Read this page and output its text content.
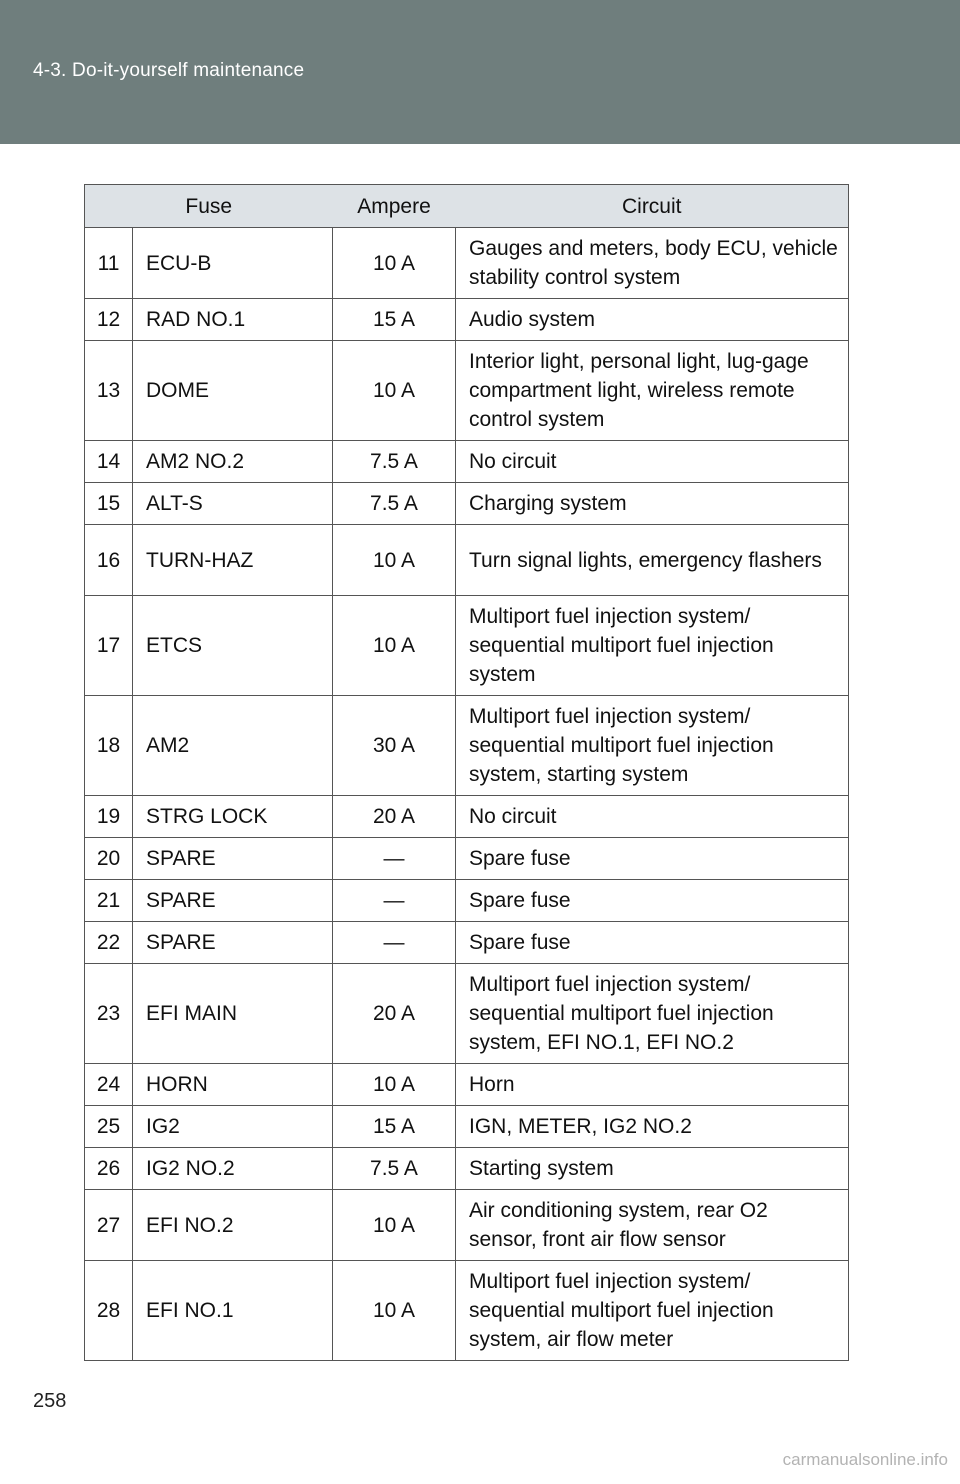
4-3. Do-it-yourself maintenance
Fuse		Ampere	Circuit
11	ECU-B	10 A	Gauges and meters, body ECU, vehicle stability control system
12	RAD NO.1	15 A	Audio system
13	DOME	10 A	Interior light, personal light, lug-gage compartment light, wireless remote control system
14	AM2 NO.2	7.5 A	No circuit
15	ALT-S	7.5 A	Charging system
16	TURN-HAZ	10 A	Turn signal lights, emergency flashers
17	ETCS	10 A	Multiport fuel injection system/ sequential multiport fuel injection system
18	AM2	30 A	Multiport fuel injection system/ sequential multiport fuel injection system, starting system
19	STRG LOCK	20 A	No circuit
20	SPARE	—	Spare fuse
21	SPARE	—	Spare fuse
22	SPARE	—	Spare fuse
23	EFI MAIN	20 A	Multiport fuel injection system/ sequential multiport fuel injection system, EFI NO.1, EFI NO.2
24	HORN	10 A	Horn
25	IG2	15 A	IGN, METER, IG2 NO.2
26	IG2 NO.2	7.5 A	Starting system
27	EFI NO.2	10 A	Air conditioning system, rear O2 sensor, front air flow sensor
28	EFI NO.1	10 A	Multiport fuel injection system/ sequential multiport fuel injection system, air flow meter
258
carmanualsonline.info
